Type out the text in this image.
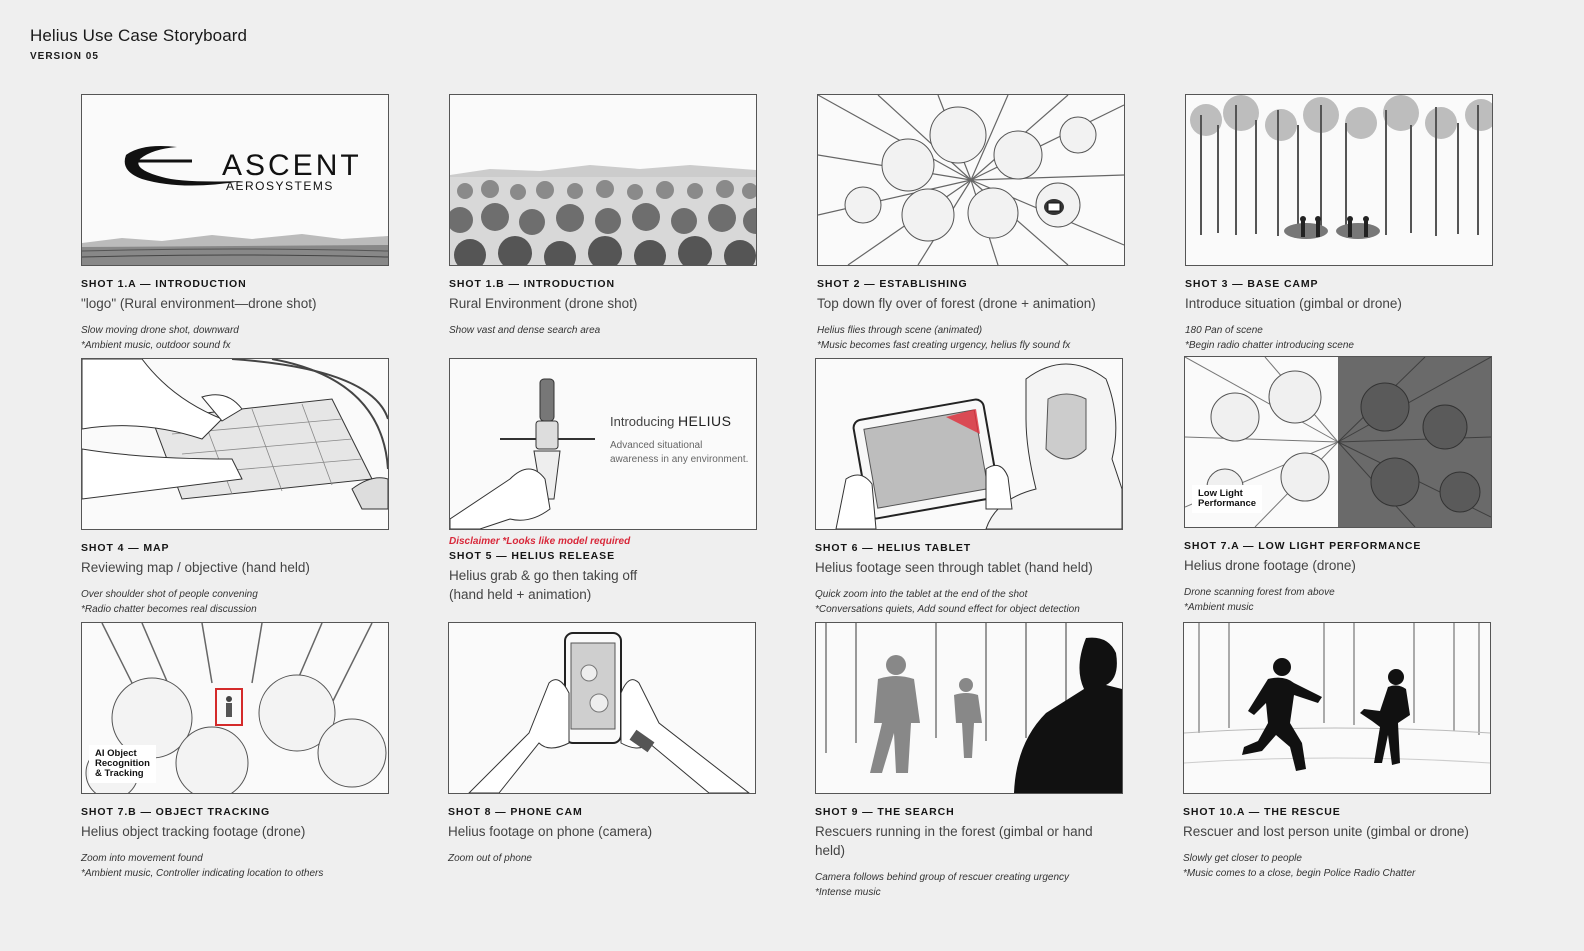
Helius Use Case Storyboard
VERSION 05
ASCENT
AEROSYSTEMS
SHOT 1.A — INTRODUCTION
"logo" (Rural environment—drone shot)
Slow moving drone shot, downward
*Ambient music, outdoor sound fx
SHOT 1.B — INTRODUCTION
Rural Environment (drone shot)
Show vast and dense search area
SHOT 2 — ESTABLISHING
Top down fly over of forest (drone + animation)
Helius flies through scene (animated)
*Music becomes fast creating urgency, helius fly sound fx
SHOT 3 — BASE CAMP
Introduce situation (gimbal or drone)
180 Pan of scene
*Begin radio chatter introducing scene
SHOT 4 — MAP
Reviewing map / objective (hand held)
Over shoulder shot of people convening
*Radio chatter becomes real discussion
Introducing HELIUS
Advanced situational awareness in any environment.
Disclaimer *Looks like model required
SHOT 5 — HELIUS RELEASE
Helius grab & go then taking off
(hand held + animation)
SHOT 6 — HELIUS TABLET
Helius footage seen through tablet (hand held)
Quick zoom into the tablet at the end of the shot
*Conversations quiets, Add sound effect for object detection
Low Light
Performance
SHOT 7.A — LOW LIGHT PERFORMANCE
Helius drone footage (drone)
Drone scanning forest from above
*Ambient music
AI Object
Recognition
& Tracking
SHOT 7.B — OBJECT TRACKING
Helius object tracking footage (drone)
Zoom into movement found
*Ambient music, Controller indicating location to others
SHOT 8 — PHONE CAM
Helius footage on phone (camera)
Zoom out of phone
SHOT 9 — THE SEARCH
Rescuers running in the forest (gimbal or hand held)
Camera follows behind group of rescuer creating urgency
*Intense music
SHOT 10.A — THE RESCUE
Rescuer and lost person unite (gimbal or drone)
Slowly get closer to people
*Music comes to a close, begin Police Radio Chatter
